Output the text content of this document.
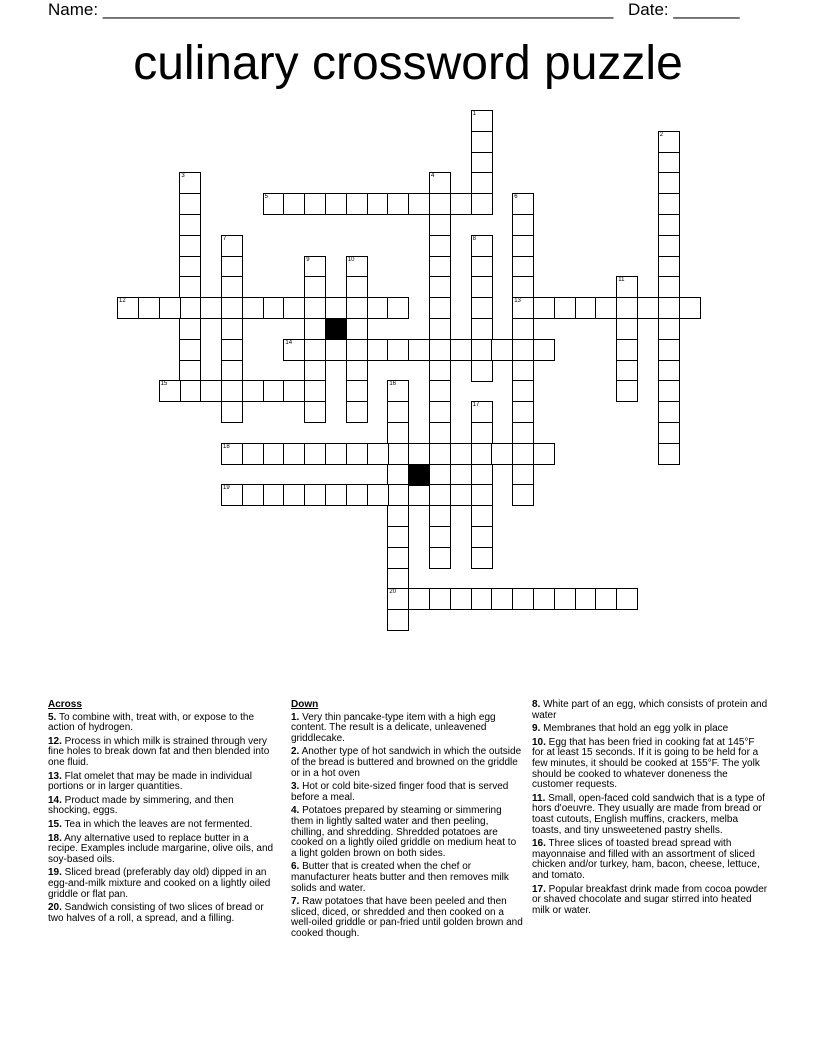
Name: ______________________________________________________ Date: _______
culinary crossword puzzle
1
2
3	4
5	6
13
7	8
9	10
11
12
14
15	16
20
17
18
19
Across
5. To combine with, treat with, or expose to the action of hydrogen.
12. Process in which milk is strained through very fine holes to break down fat and then blended into one fluid.
13. Flat omelet that may be made in individual portions or in larger quantities.
14. Product made by simmering, and then shocking, eggs.
15. Tea in which the leaves are not fermented.
18. Any alternative used to replace butter in a recipe. Examples include margarine, olive oils, and soy-based oils.
19. Sliced bread (preferably day old) dipped in an egg-and-milk mixture and cooked on a lightly oiled griddle or flat pan.
20. Sandwich consisting of two slices of bread or two halves of a roll, a spread, and a filling.
Down
1. Very thin pancake-type item with a high egg content. The result is a delicate, unleavened griddlecake.
2. Another type of hot sandwich in which the outside of the bread is buttered and browned on the griddle or in a hot oven
3. Hot or cold bite-sized finger food that is served before a meal.
4. Potatoes prepared by steaming or simmering them in lightly salted water and then peeling, chilling, and shredding. Shredded potatoes are cooked on a lightly oiled griddle on medium heat to a light golden brown on both sides.
6. Butter that is created when the chef or manufacturer heats butter and then removes milk solids and water.
7. Raw potatoes that have been peeled and then sliced, diced, or shredded and then cooked on a well-oiled griddle or pan-fried until golden brown and cooked though.
8. White part of an egg, which consists of protein and water
9. Membranes that hold an egg yolk in place
10. Egg that has been fried in cooking fat at 145°F for at least 15 seconds. If it is going to be held for a few minutes, it should be cooked at 155°F. The yolk should be cooked to whatever doneness the customer requests.
11. Small, open-faced cold sandwich that is a type of hors d'oeuvre. They usually are made from bread or toast cutouts, English muffins, crackers, melba toasts, and tiny unsweetened pastry shells.
16. Three slices of toasted bread spread with mayonnaise and filled with an assortment of sliced chicken and/or turkey, ham, bacon, cheese, lettuce, and tomato.
17. Popular breakfast drink made from cocoa powder or shaved chocolate and sugar stirred into heated milk or water.
